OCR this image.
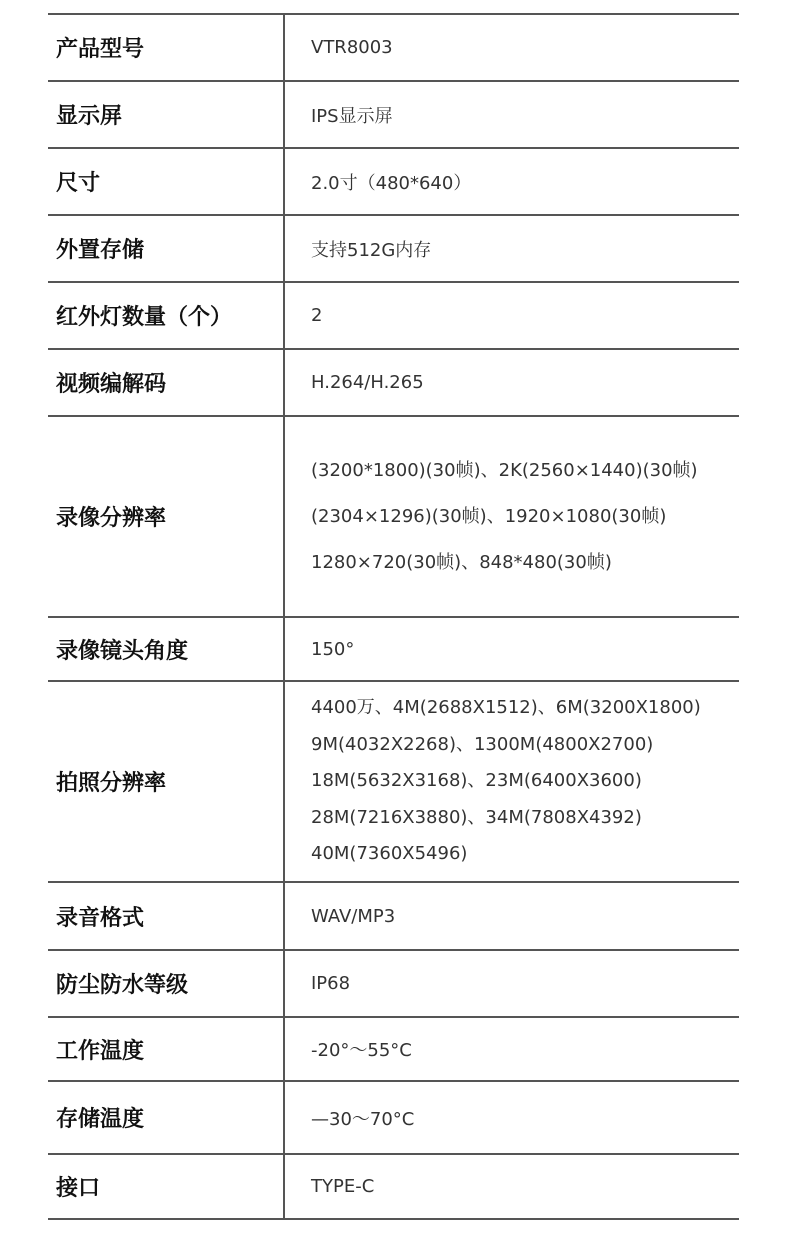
产品型号	VTR8003
显示屏	IPS显示屏
尺寸	2.0寸（480*640）
外置存储	支持512G内存
红外灯数量（个）	2
视频编解码	H.264/H.265
录像分辨率	(3200*1800)(30帧)、2K(2560×1440)(30帧)
(2304×1296)(30帧)、1920×1080(30帧)
1280×720(30帧)、848*480(30帧)

录像镜头角度	150°
拍照分辨率	4400万、4M(2688X1512)、6M(3200X1800)
9M(4032X2268)、1300M(4800X2700)
18M(5632X3168)、23M(6400X3600)
28M(7216X3880)、34M(7808X4392)
40M(7360X5496)

录音格式	WAV/MP3
防尘防水等级	IP68
工作温度	-20°～55°C
存储温度	—30～70°C
接口	TYPE-C
